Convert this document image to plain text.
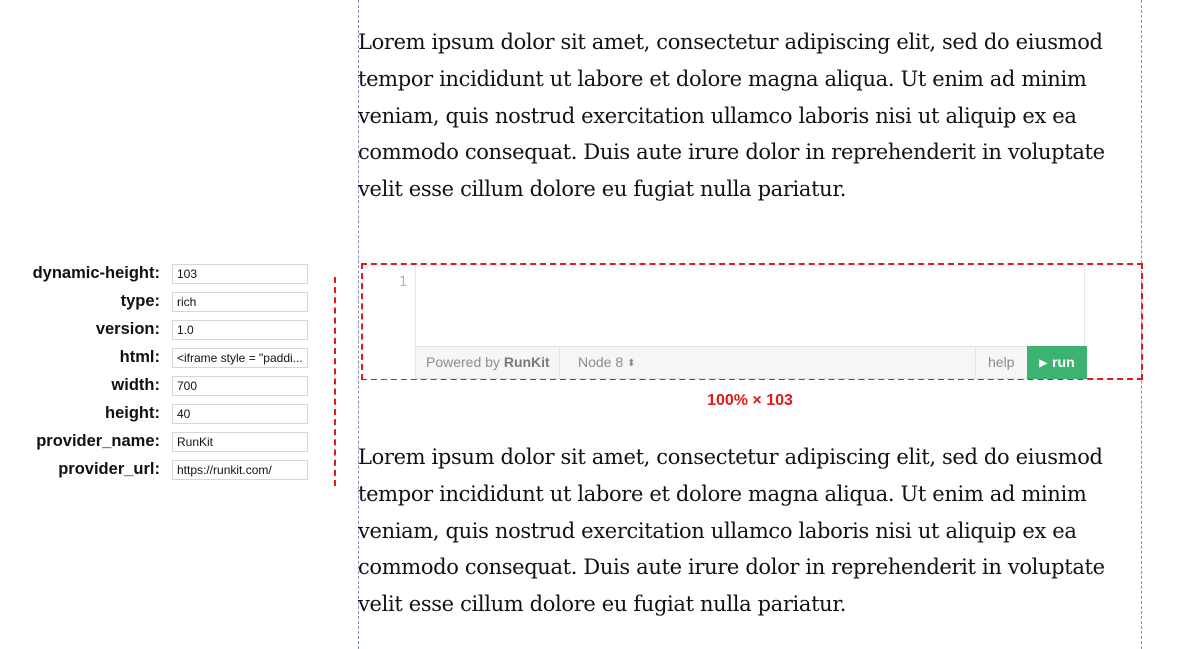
Lorem ipsum dolor sit amet, consectetur adipiscing elit, sed do eiusmod
tempor incididunt ut labore et dolore magna aliqua. Ut enim ad minim
veniam, quis nostrud exercitation ullamco laboris nisi ut aliquip ex ea
commodo consequat. Duis aute irure dolor in reprehenderit in voluptate
velit esse cillum dolore eu fugiat nulla pariatur.

dynamic-height:	103
type:	rich
version:	1.0
html:	<iframe style = "paddi...
width:	700
height:	40
provider_name:	RunKit
provider_url:	https://runkit.com/
1
Powered by RunKit Node 8 ⬍	help	▶ run
100% × 103

Lorem ipsum dolor sit amet, consectetur adipiscing elit, sed do eiusmod
tempor incididunt ut labore et dolore magna aliqua. Ut enim ad minim
veniam, quis nostrud exercitation ullamco laboris nisi ut aliquip ex ea
commodo consequat. Duis aute irure dolor in reprehenderit in voluptate
velit esse cillum dolore eu fugiat nulla pariatur.
